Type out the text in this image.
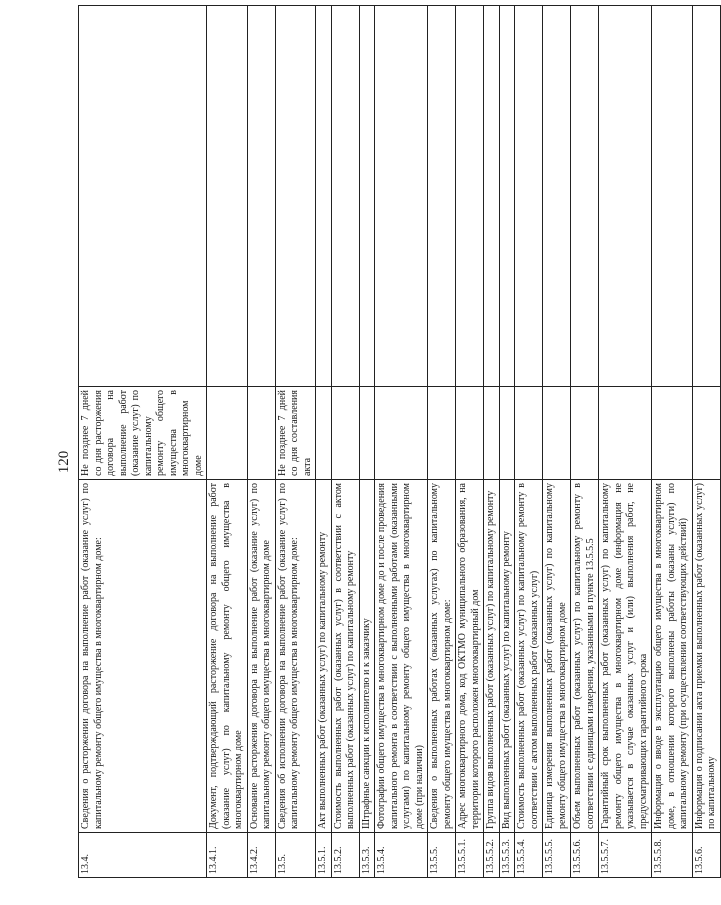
120
13.4.	Сведения о расторжении договора на выполнение работ (оказание услуг) по капитальному ремонту общего имущества в многоквартирном доме:	Не позднее 7 дней со дня расторжения договора на выполнение работ (оказание услуг) по капитальному ремонту общего имущества в многоквартирном доме	
13.4.1.	Документ, подтверждающий расторжение договора на выполнение работ (оказание услуг) по капитальному ремонту общего имущества в многоквартирном доме		
13.4.2.	Основание расторжения договора на выполнение работ (оказание услуг) по капитальному ремонту общего имущества в многоквартирном доме		
13.5.	Сведения об исполнении договора на выполнение работ (оказание услуг) по капитальному ремонту общего имущества в многоквартирном доме:	Не позднее 7 дней со дня составления акта	
13.5.1.	Акт выполненных работ (оказанных услуг) по капитальному ремонту		
13.5.2.	Стоимость выполненных работ (оказанных услуг) в соответствии с актом выполненных работ (оказанных услуг) по капитальному ремонту		
13.5.3.	Штрафные санкции к исполнителю и к заказчику		
13.5.4.	Фотографии общего имущества в многоквартирном доме до и после проведения капитального ремонта в соответствии с выполненными работами (оказанными услугами) по капитальному ремонту общего имущества в многоквартирном доме (при наличии)		
13.5.5.	Сведения о выполненных работах (оказанных услугах) по капитальному ремонту общего имущества в многоквартирном доме:		
13.5.5.1.	Адрес многоквартирного дома, код ОКТМО муниципального образования, на территории которого расположен многоквартирный дом		
13.5.5.2.	Группа видов выполненных работ (оказанных услуг) по капитальному ремонту		
13.5.5.3.	Вид выполненных работ (оказанных услуг) по капитальному ремонту		
13.5.5.4.	Стоимость выполненных работ (оказанных услуг) по капитальному ремонту в соответствии с актом выполненных работ (оказанных услуг)		
13.5.5.5.	Единица измерения выполненных работ (оказанных услуг) по капитальному ремонту общего имущества в многоквартирном доме		
13.5.5.6.	Объем выполненных работ (оказанных услуг) по капитальному ремонту в соответствии с единицами измерения, указанными в пункте 13.5.5.5		
13.5.5.7.	Гарантийный срок выполненных работ (оказанных услуг) по капитальному ремонту общего имущества в многоквартирном доме (информация не указывается в случае оказанных услуг и (или) выполнения работ, не предусматривающих гарантийного срока		
13.5.5.8.	Информация о вводе в эксплуатацию общего имущества в многоквартирном доме, в отношении которого выполнены работы (оказаны услуги) по капитальному ремонту (при осуществлении соответствующих действий)		
13.5.6.	Информация о подписании акта приемки выполненных работ (оказанных услуг) по капитальному		
